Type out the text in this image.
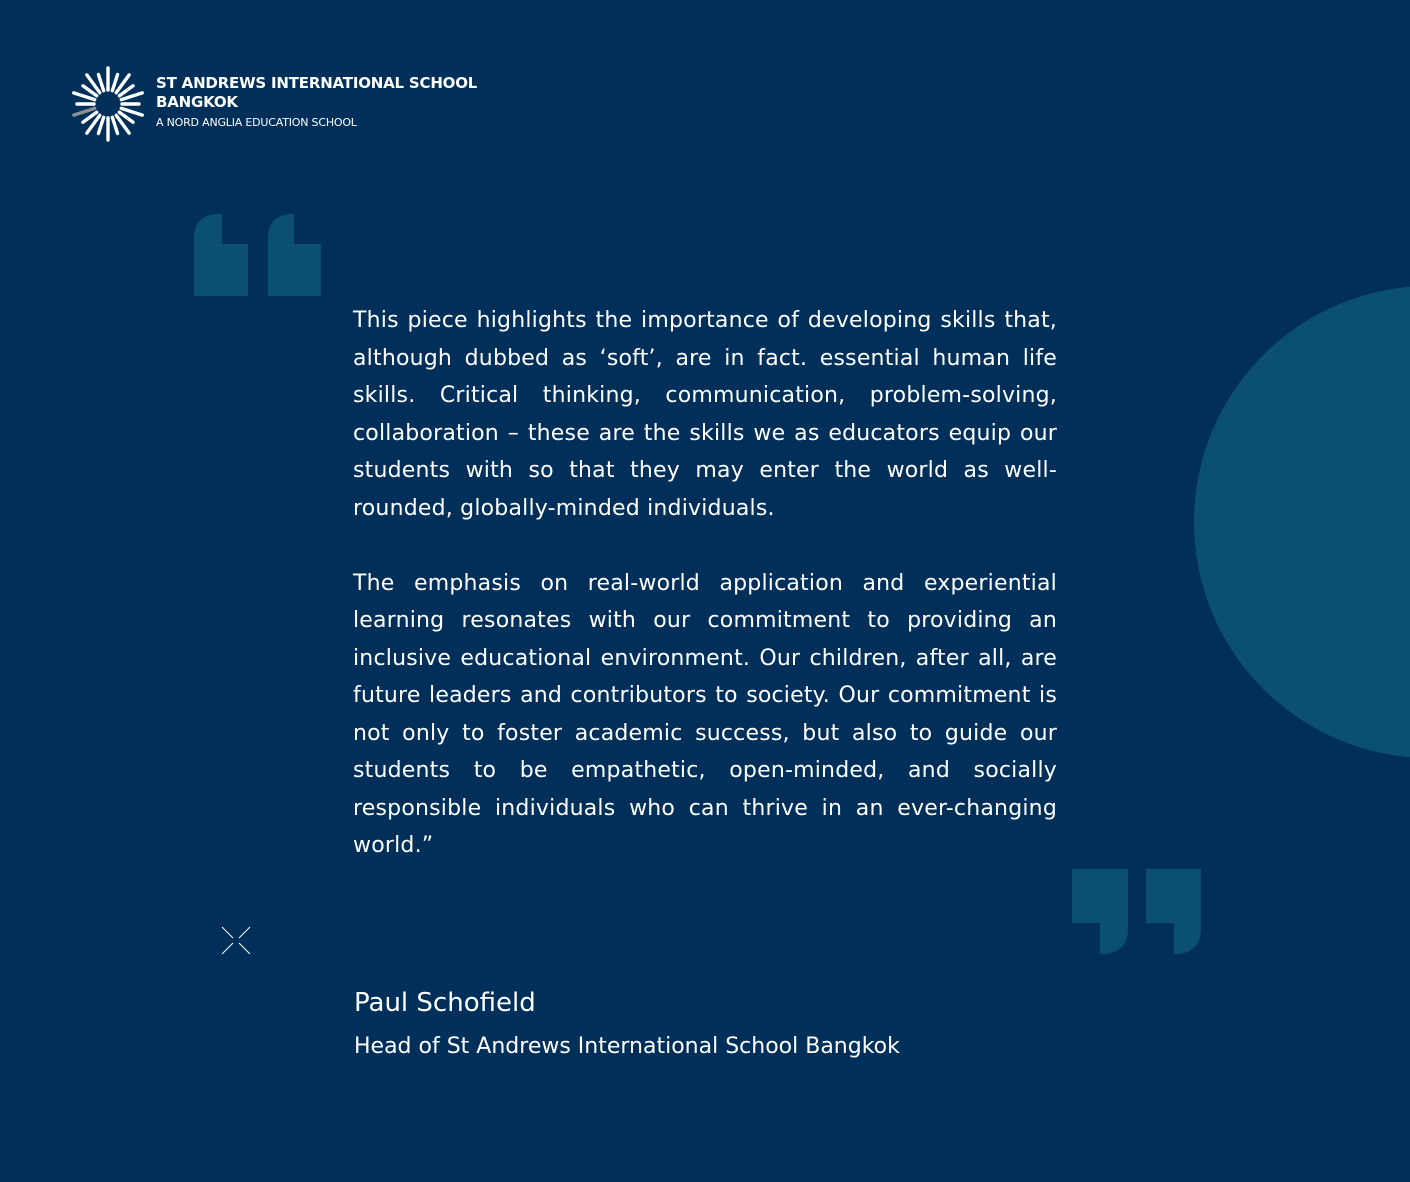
ST ANDREWS INTERNATIONAL SCHOOL
BANGKOK
A NORD ANGLIA EDUCATION SCHOOL

This piece highlights the importance of developing skills that, although dubbed as ‘soft’, are in fact. essential human life skills. Critical thinking, communication, problem-solving, collaboration – these are the skills we as educators equip our students with so that they may enter the world as well-rounded, globally-minded individuals.

The emphasis on real-world application and experiential learning resonates with our commitment to providing an inclusive educational environment. Our children, after all, are future leaders and contributors to society. Our commitment is not only to foster academic success, but also to guide our students to be empathetic, open-minded, and socially responsible individuals who can thrive in an ever-changing world.”

Paul Schofield
Head of St Andrews International School Bangkok
